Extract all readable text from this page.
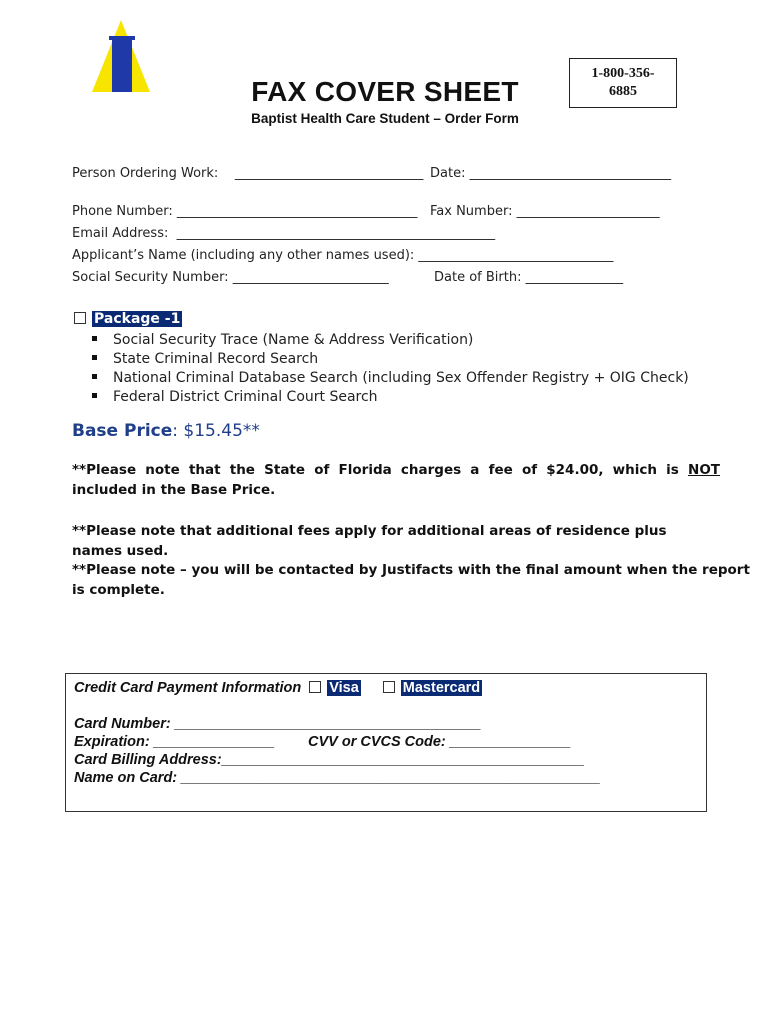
FAX COVER SHEET
1-800-356-
6885
Baptist Health Care Student – Order Form
Person Ordering Work:    _____________________________ Date: _______________________________
Phone Number: _____________________________________ Fax Number: ______________________
Email Address:  _________________________________________________
Applicant’s Name (including any other names used): ______________________________
Social Security Number: ________________________	Date of Birth: _______________
Package -1
Social Security Trace (Name & Address Verification)
State Criminal Record Search
National Criminal Database Search (including Sex Offender Registry + OIG Check)
Federal District Criminal Court Search
Base Price: $15.45**
**Please note that the State of Florida charges a fee of $24.00, which is NOT included in the Base Price.
**Please note that additional fees apply for additional areas of residence plus names used.
**Please note – you will be contacted by Justifacts with the final amount when the report is complete.
Credit Card Payment Information Visa	Mastercard
Card Number: ______________________________________
Expiration: _______________ CVV or CVCS Code: _______________
Card Billing Address:_____________________________________________
Name on Card: ____________________________________________________
